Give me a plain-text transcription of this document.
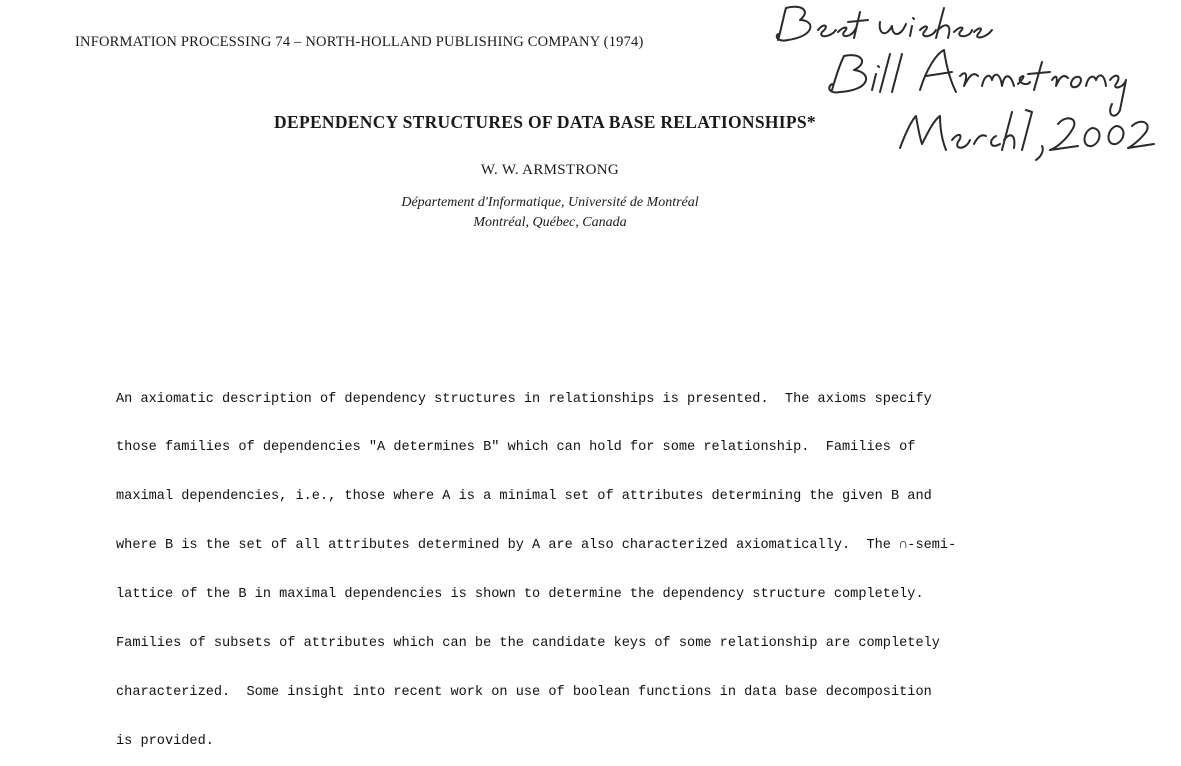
INFORMATION PROCESSING 74 – NORTH-HOLLAND PUBLISHING COMPANY (1974)
DEPENDENCY STRUCTURES OF DATA BASE RELATIONSHIPS*
W. W. ARMSTRONG
Département d'Informatique, Université de Montréal
Montréal, Québec, Canada

An axiomatic description of dependency structures in relationships is presented.  The axioms specify

those families of dependencies "A determines B" which can hold for some relationship.  Families of

maximal dependencies, i.e., those where A is a minimal set of attributes determining the given B and

where B is the set of all attributes determined by A are also characterized axiomatically.  The ∩-semi-

lattice of the B in maximal dependencies is shown to determine the dependency structure completely.

Families of subsets of attributes which can be the candidate keys of some relationship are completely

characterized.  Some insight into recent work on use of boolean functions in data base decomposition

is provided.
